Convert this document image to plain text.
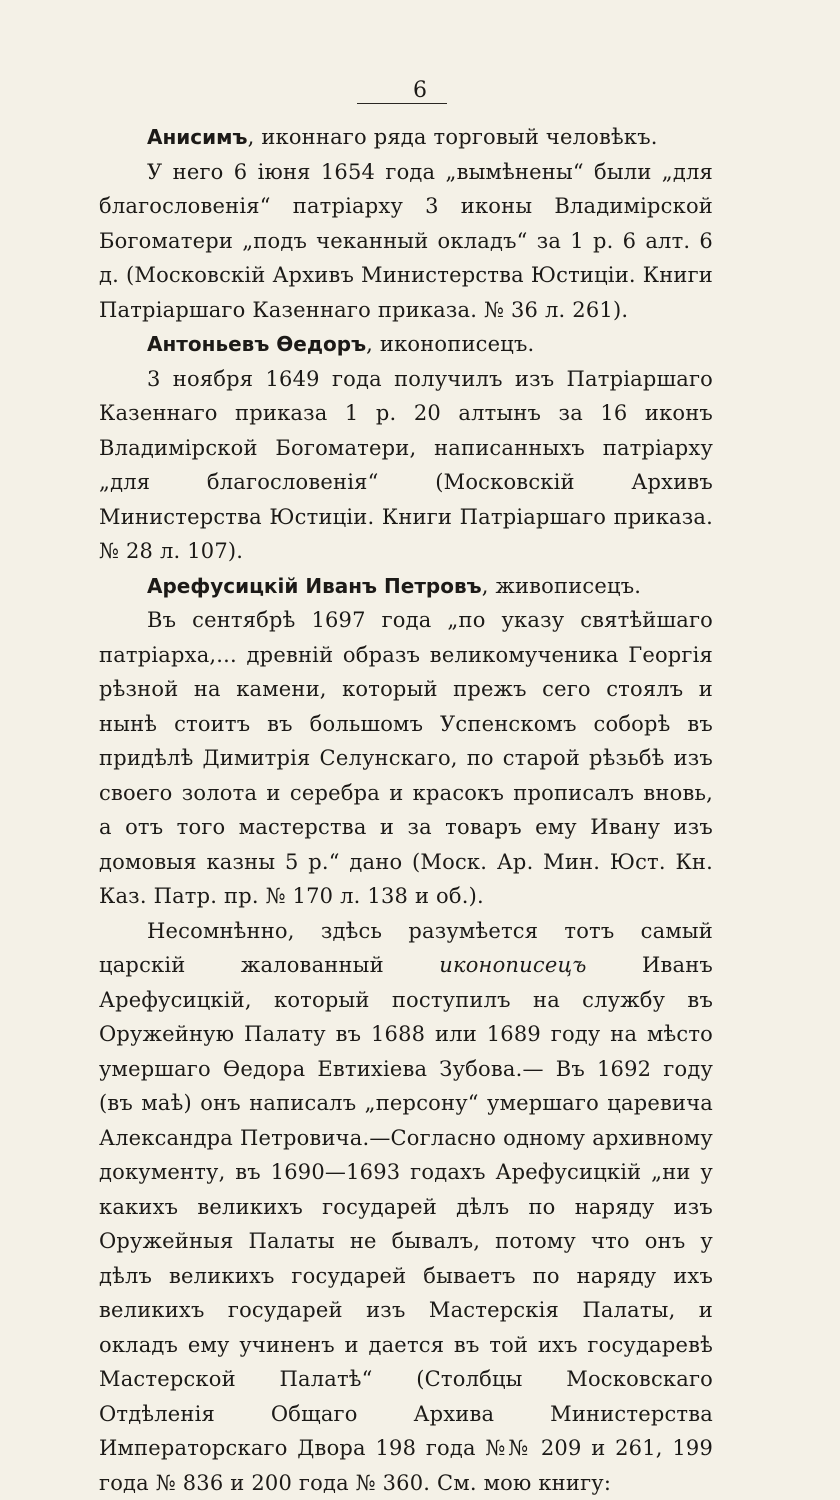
6

Анисимъ, иконнаго ряда торговый человѣкъ.

У него 6 іюня 1654 года „вымѣнены“ были „для благословенія“ патріарху 3 иконы Владимірской Богоматери „подъ чеканный окладъ“ за 1 р. 6 алт. 6 д. (Московскій Архивъ Министерства Юстиціи. Книги Патріаршаго Казеннаго приказа. № 36 л. 261).

Антоньевъ Ѳедоръ, иконописецъ.

3 ноября 1649 года получилъ изъ Патріаршаго Казеннаго приказа 1 р. 20 алтынъ за 16 иконъ Владимірской Богоматери, написанныхъ патріарху „для благословенія“ (Московскій Архивъ Министерства Юстиціи. Книги Патріаршаго приказа. № 28 л. 107).

Арефусицкій Иванъ Петровъ, живописецъ.

Въ сентябрѣ 1697 года „по указу святѣйшаго патріарха,... древній образъ великомученика Георгія рѣзной на камени, который прежъ сего стоялъ и нынѣ стоитъ въ большомъ Успенскомъ соборѣ въ придѣлѣ Димитрія Селунскаго, по старой рѣзьбѣ изъ своего золота и серебра и красокъ прописалъ вновь, а отъ того мастерства и за товаръ ему Ивану изъ домовыя казны 5 р.“ дано (Моск. Ар. Мин. Юст. Кн. Каз. Патр. пр. № 170 л. 138 и об.).

Несомнѣнно, здѣсь разумѣется тотъ самый царскій жалованный иконописецъ Иванъ Арефусицкій, который поступилъ на службу въ Оружейную Палату въ 1688 или 1689 году на мѣсто умершаго Ѳедора Евтихіева Зубова.— Въ 1692 году (въ маѣ) онъ написалъ „персону“ умершаго царевича Александра Петровича.—Согласно одному архивному документу, въ 1690—1693 годахъ Арефусицкій „ни у какихъ великихъ государей дѣлъ по наряду изъ Оружейныя Палаты не бывалъ, потому что онъ у дѣлъ великихъ государей бываетъ по наряду ихъ великихъ государей изъ Мастерскія Палаты, и окладъ ему учиненъ и дается въ той ихъ государевѣ Мастерской Палатѣ“ (Столбцы Московскаго Отдѣленія Общаго Архива Министерства Императорскаго Двора 198 года №№ 209 и 261, 199 года № 836 и 200 года № 360. См. мою книгу:
